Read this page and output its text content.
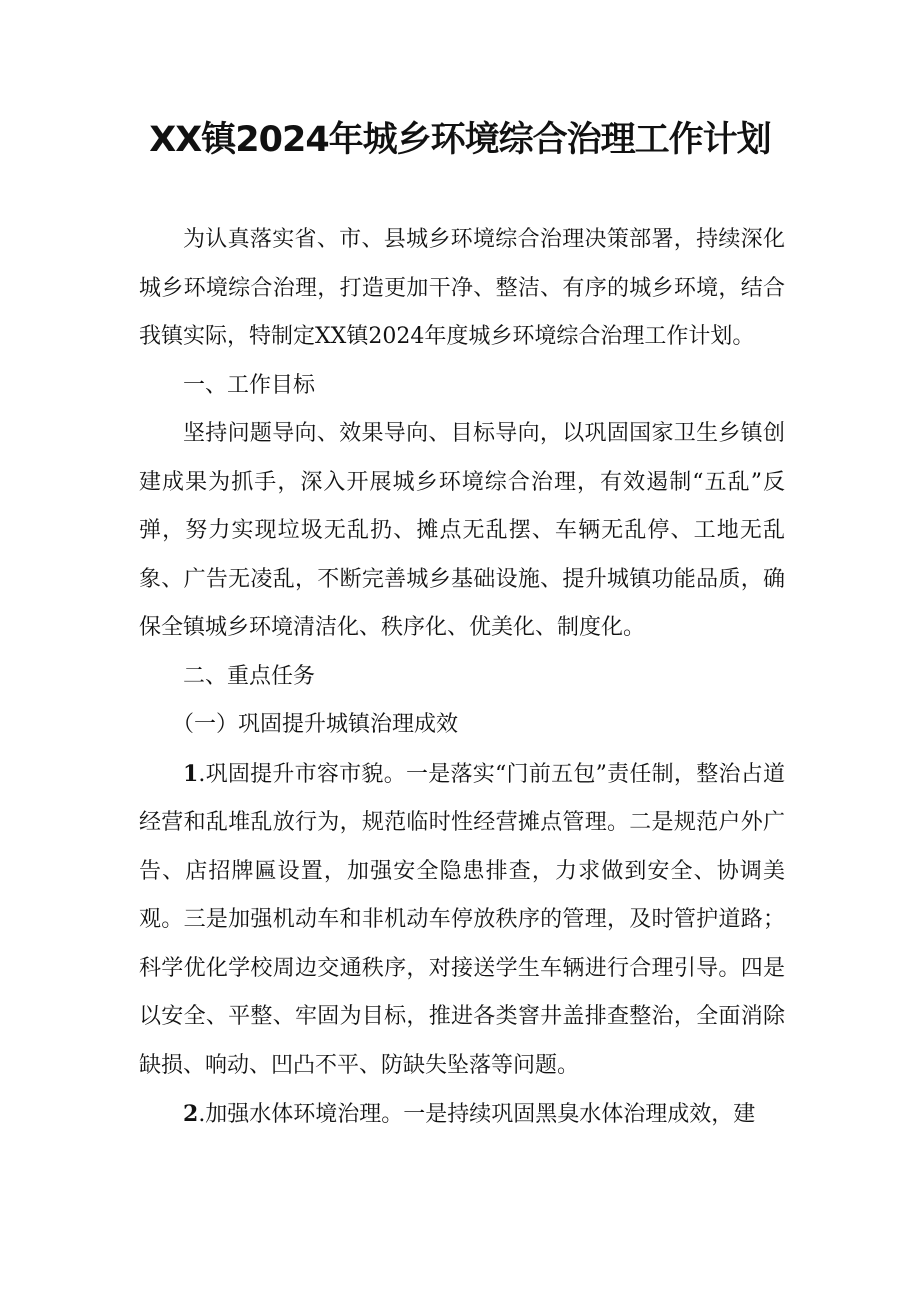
XX镇2024年城乡环境综合治理工作计划

为认真落实省、市、县城乡环境综合治理决策部署，持续深化城乡环境综合治理，打造更加干净、整洁、有序的城乡环境，结合我镇实际，特制定XX镇2024年度城乡环境综合治理工作计划。

一、工作目标

坚持问题导向、效果导向、目标导向，以巩固国家卫生乡镇创建成果为抓手，深入开展城乡环境综合治理，有效遏制“五乱”反弹，努力实现垃圾无乱扔、摊点无乱摆、车辆无乱停、工地无乱象、广告无凌乱，不断完善城乡基础设施、提升城镇功能品质，确保全镇城乡环境清洁化、秩序化、优美化、制度化。

二、重点任务

（一）巩固提升城镇治理成效

1.巩固提升市容市貌。一是落实“门前五包”责任制，整治占道经营和乱堆乱放行为，规范临时性经营摊点管理。二是规范户外广告、店招牌匾设置，加强安全隐患排查，力求做到安全、协调美观。三是加强机动车和非机动车停放秩序的管理，及时管护道路；科学优化学校周边交通秩序，对接送学生车辆进行合理引导。四是以安全、平整、牢固为目标，推进各类窨井盖排查整治，全面消除缺损、响动、凹凸不平、防缺失坠落等问题。

2.加强水体环境治理。一是持续巩固黑臭水体治理成效，建
